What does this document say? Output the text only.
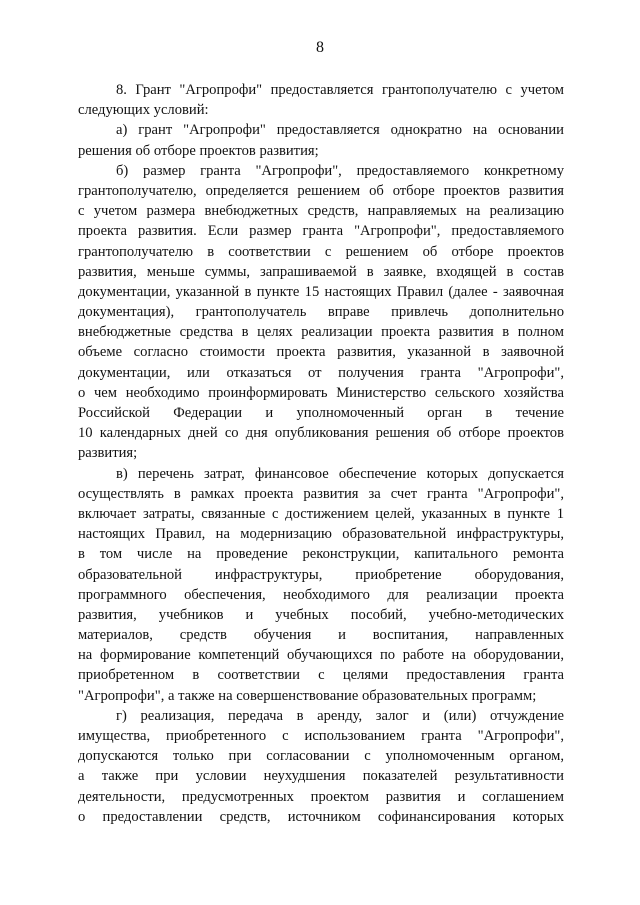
8
8. Грант "Агропрофи" предоставляется грантополучателю с учетом
следующих условий:
а) грант "Агропрофи" предоставляется однократно на основании
решения об отборе проектов развития;
б) размер гранта "Агропрофи", предоставляемого конкретному
грантополучателю, определяется решением об отборе проектов развития
с учетом размера внебюджетных средств, направляемых на реализацию
проекта развития. Если размер гранта "Агропрофи", предоставляемого
грантополучателю в соответствии с решением об отборе проектов
развития, меньше суммы, запрашиваемой в заявке, входящей в состав
документации, указанной в пункте 15 настоящих Правил (далее - заявочная
документация), грантополучатель вправе привлечь дополнительно
внебюджетные средства в целях реализации проекта развития в полном
объеме согласно стоимости проекта развития, указанной в заявочной
документации, или отказаться от получения гранта "Агропрофи",
о чем необходимо проинформировать Министерство сельского хозяйства
Российской Федерации и уполномоченный орган в течение
10 календарных дней со дня опубликования решения об отборе проектов
развития;
в) перечень затрат, финансовое обеспечение которых допускается
осуществлять в рамках проекта развития за счет гранта "Агропрофи",
включает затраты, связанные с достижением целей, указанных в пункте 1
настоящих Правил, на модернизацию образовательной инфраструктуры,
в том числе на проведение реконструкции, капитального ремонта
образовательной инфраструктуры, приобретение оборудования,
программного обеспечения, необходимого для реализации проекта
развития, учебников и учебных пособий, учебно-методических
материалов, средств обучения и воспитания, направленных
на формирование компетенций обучающихся по работе на оборудовании,
приобретенном в соответствии с целями предоставления гранта
"Агропрофи", а также на совершенствование образовательных программ;
г) реализация, передача в аренду, залог и (или) отчуждение
имущества, приобретенного с использованием гранта "Агропрофи",
допускаются только при согласовании с уполномоченным органом,
а также при условии неухудшения показателей результативности
деятельности, предусмотренных проектом развития и соглашением
о предоставлении средств, источником софинансирования которых
